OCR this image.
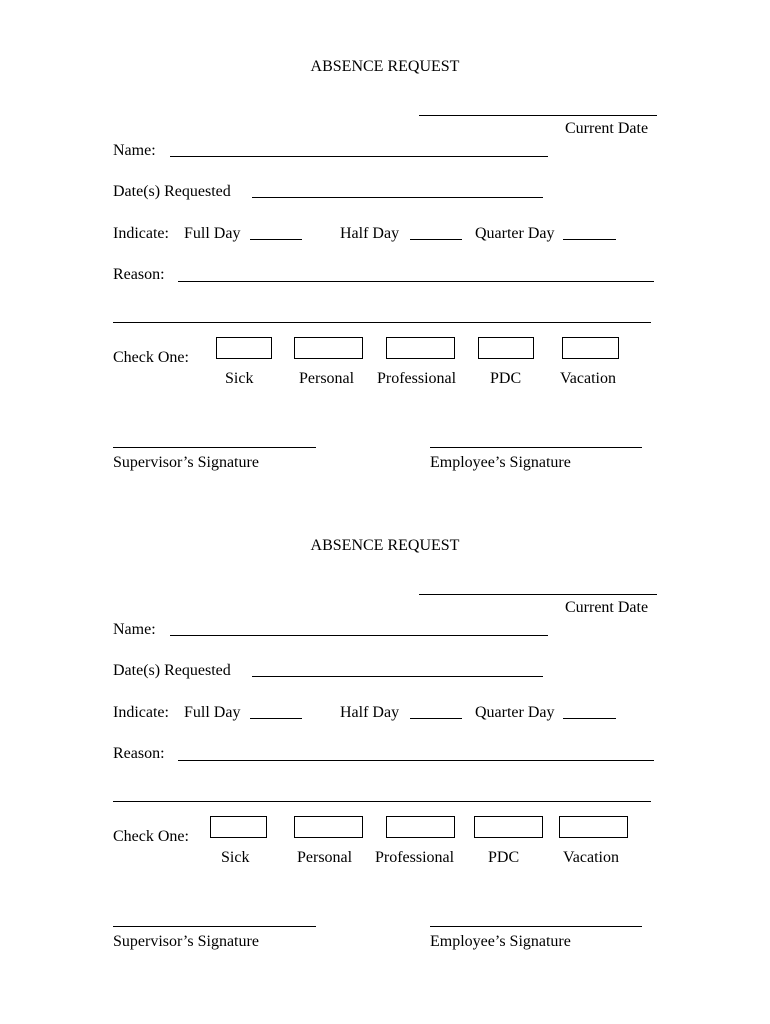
ABSENCE REQUEST
Current Date
Name:
Date(s) Requested
Indicate: Full Day	Half Day	Quarter Day
Reason:
Check One:
Sick	Personal Professional PDC Vacation
Supervisor’s Signature	Employee’s Signature
ABSENCE REQUEST
Current Date
Name:
Date(s) Requested
Indicate: Full Day	Half Day	Quarter Day
Reason:
Check One:
Sick	Personal Professional PDC	Vacation
Supervisor’s Signature	Employee’s Signature
